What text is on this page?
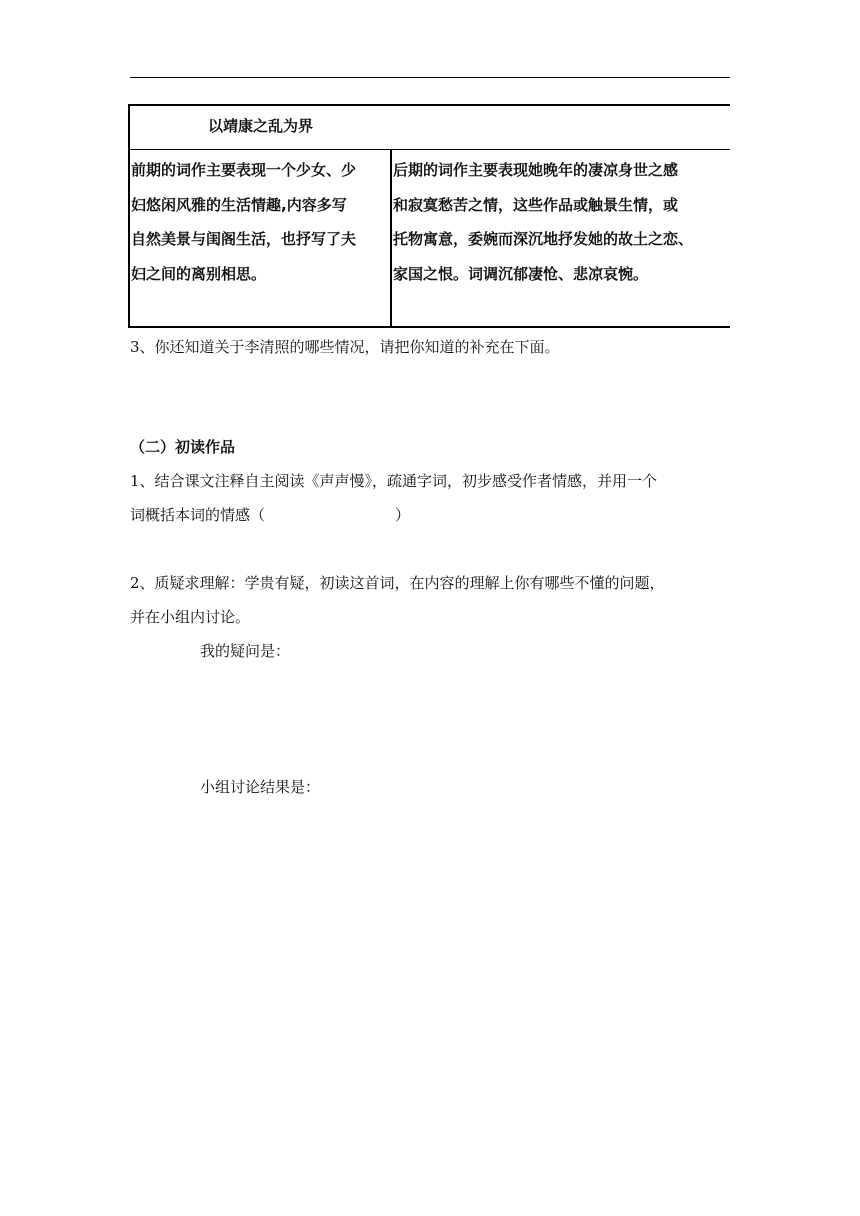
以靖康之乱为界
前期的词作主要表现一个少女、少
妇悠闲风雅的生活情趣,内容多写
自然美景与闺阁生活，也抒写了夫
妇之间的离别相思。
后期的词作主要表现她晚年的凄凉身世之感
和寂寞愁苦之情，这些作品或触景生情，或
托物寓意，委婉而深沉地抒发她的故土之恋、
家国之恨。词调沉郁凄怆、悲凉哀惋。
3、你还知道关于李清照的哪些情况，请把你知道的补充在下面。
（二）初读作品
1、结合课文注释自主阅读《声声慢》，疏通字词，初步感受作者情感，并用一个
词概括本词的情感（	）
2、质疑求理解：学贵有疑，初读这首词，在内容的理解上你有哪些不懂的问题，
并在小组内讨论。
我的疑问是：
小组讨论结果是：
